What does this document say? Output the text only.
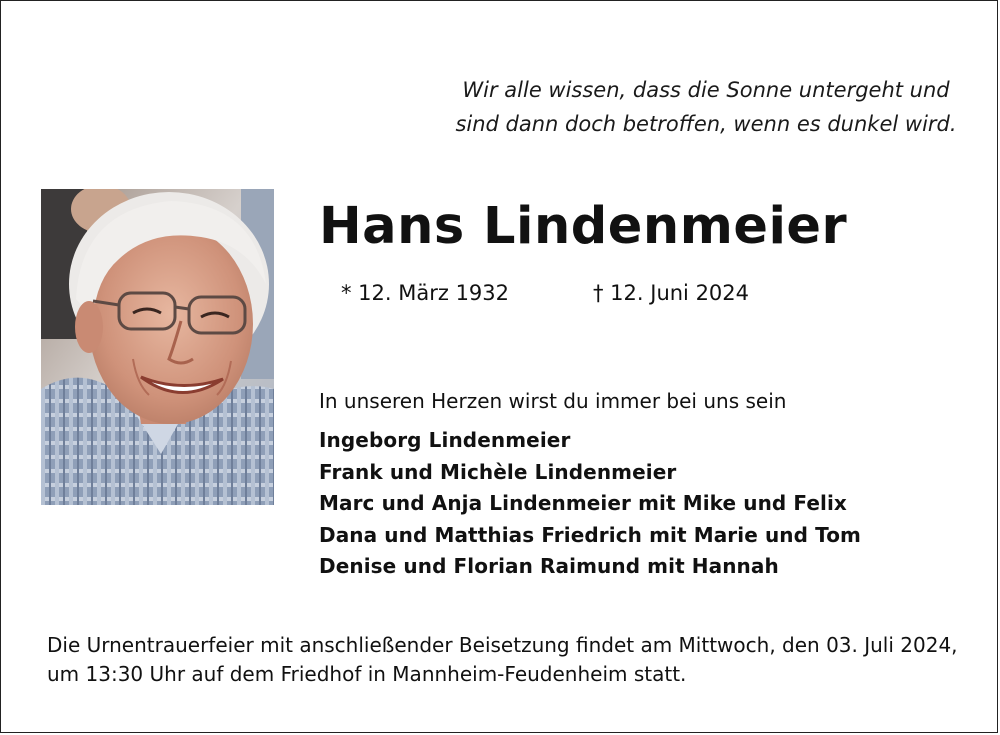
Wir alle wissen, dass die Sonne untergeht und
sind dann doch betroffen, wenn es dunkel wird.
Hans Lindenmeier
* 12. März 1932	† 12. Juni 2024
In unseren Herzen wirst du immer bei uns sein
Ingeborg Lindenmeier
Frank und Michèle Lindenmeier
Marc und Anja Lindenmeier mit Mike und Felix
Dana und Matthias Friedrich mit Marie und Tom
Denise und Florian Raimund mit Hannah
Die Urnentrauerfeier mit anschließender Beisetzung findet am Mittwoch, den 03. Juli 2024,
um 13:30 Uhr auf dem Friedhof in Mannheim-Feudenheim statt.
